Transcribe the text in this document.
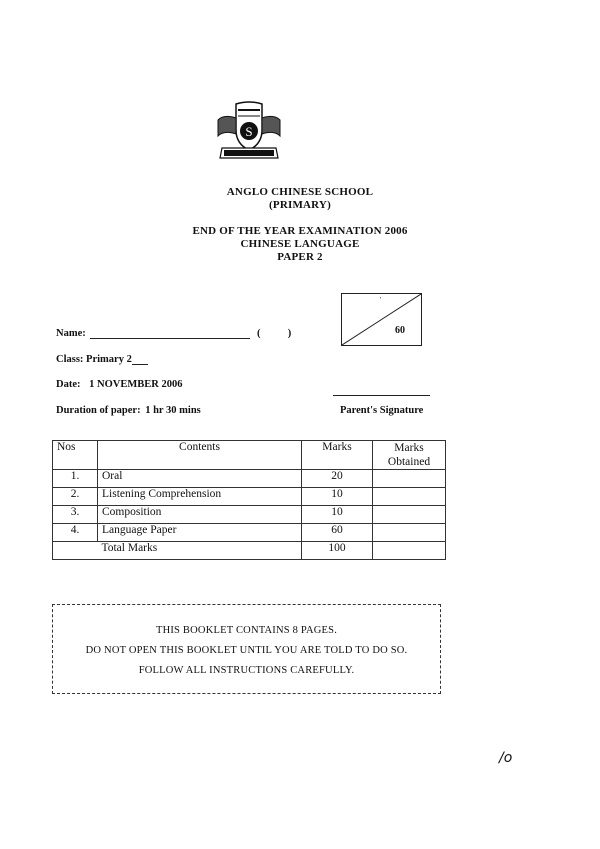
S
ANGLO CHINESE SCHOOL
(PRIMARY)
END OF THE YEAR EXAMINATION 2006
CHINESE LANGUAGE
PAPER 2
'
60
Name:	(	)
Class: Primary 2
Date: 1 NOVEMBER 2006
Duration of paper: 1 hr 30 mins	Parent's Signature
Nos	Contents	Marks	Marks Obtained
1.	Oral	20	
2.	Listening Comprehension	10	
3.	Composition	10	
4.	Language Paper	60	
	Total Marks	100	
THIS BOOKLET CONTAINS 8 PAGES.
DO NOT OPEN THIS BOOKLET UNTIL YOU ARE TOLD TO DO SO.
FOLLOW ALL INSTRUCTIONS CAREFULLY.
/o
